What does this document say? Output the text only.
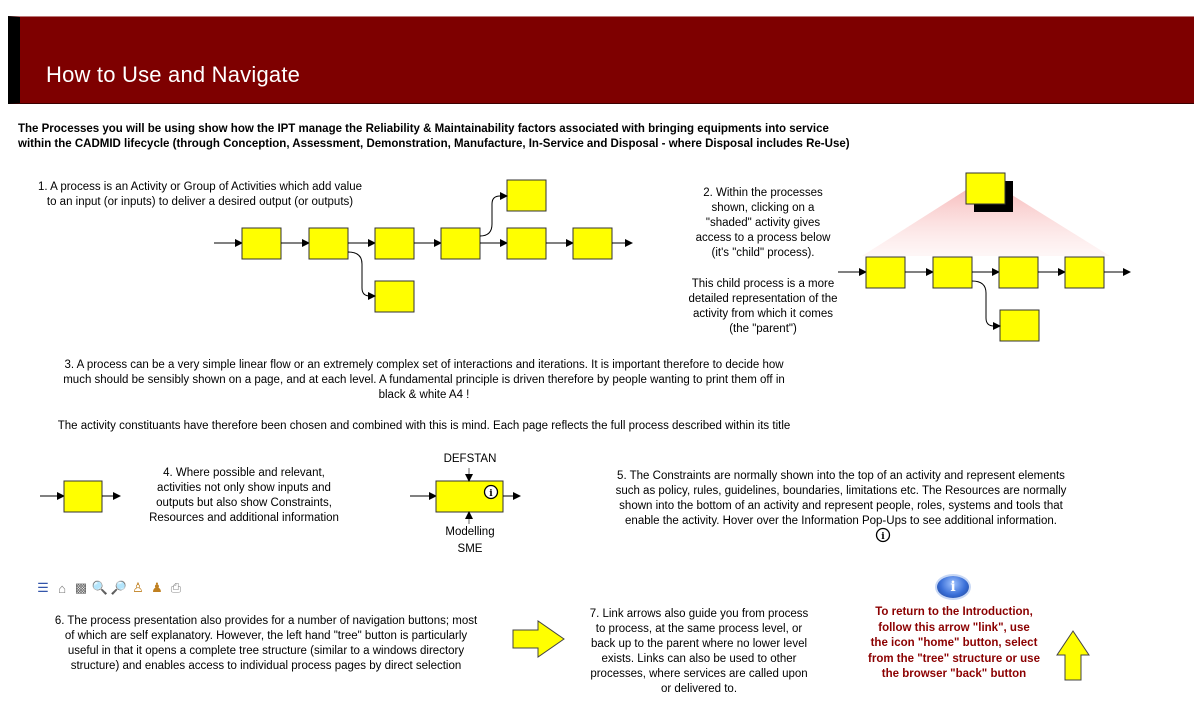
How to Use and Navigate
The Processes you will be using show how the IPT manage the Reliability & Maintainability factors associated with bringing equipments into service
within the CADMID lifecycle (through Conception, Assessment, Demonstration, Manufacture, In-Service and Disposal - where Disposal includes Re-Use)
1. A process is an Activity or Group of Activities which add value
to an input (or inputs) to deliver a desired output (or outputs)
2. Within the processes
shown, clicking on a
"shaded" activity gives
access to a process below
(it's "child" process).
This child process is a more
detailed representation of the
activity from which it comes
(the "parent")
3. A process can be a very simple linear flow or an extremely complex set of interactions and iterations. It is important therefore to decide how
much should be sensibly shown on a page, and at each level. A fundamental principle is driven therefore by people wanting to print them off in
black & white A4 !
The activity constituants have therefore been chosen and combined with this is mind. Each page reflects the full process described within its title
4. Where possible and relevant,
activities not only show inputs and
outputs but also show Constraints,
Resources and additional information
DEFSTAN
Modelling
SME
5. The Constraints are normally shown into the top of an activity and represent elements
such as policy, rules, guidelines, boundaries, limitations etc. The Resources are normally
shown into the bottom of an activity and represent people, roles, systems and tools that
enable the activity. Hover over the Information Pop-Ups to see additional information.
6. The process presentation also provides for a number of navigation buttons; most
of which are self explanatory. However, the left hand "tree" button is particularly
useful in that it opens a complete tree structure (similar to a windows directory
structure) and enables access to individual process pages by direct selection
7. Link arrows also guide you from process
to process, at the same process level, or
back up to the parent where no lower level
exists. Links can also be used to other
processes, where services are called upon
or delivered to.
To return to the Introduction,
follow this arrow "link", use
the icon "home" button, select
from the "tree" structure or use
the browser "back" button
☰ ⌂ ▩ 🔍 🔎 ♙ ♟ ⎙	i
i
i
